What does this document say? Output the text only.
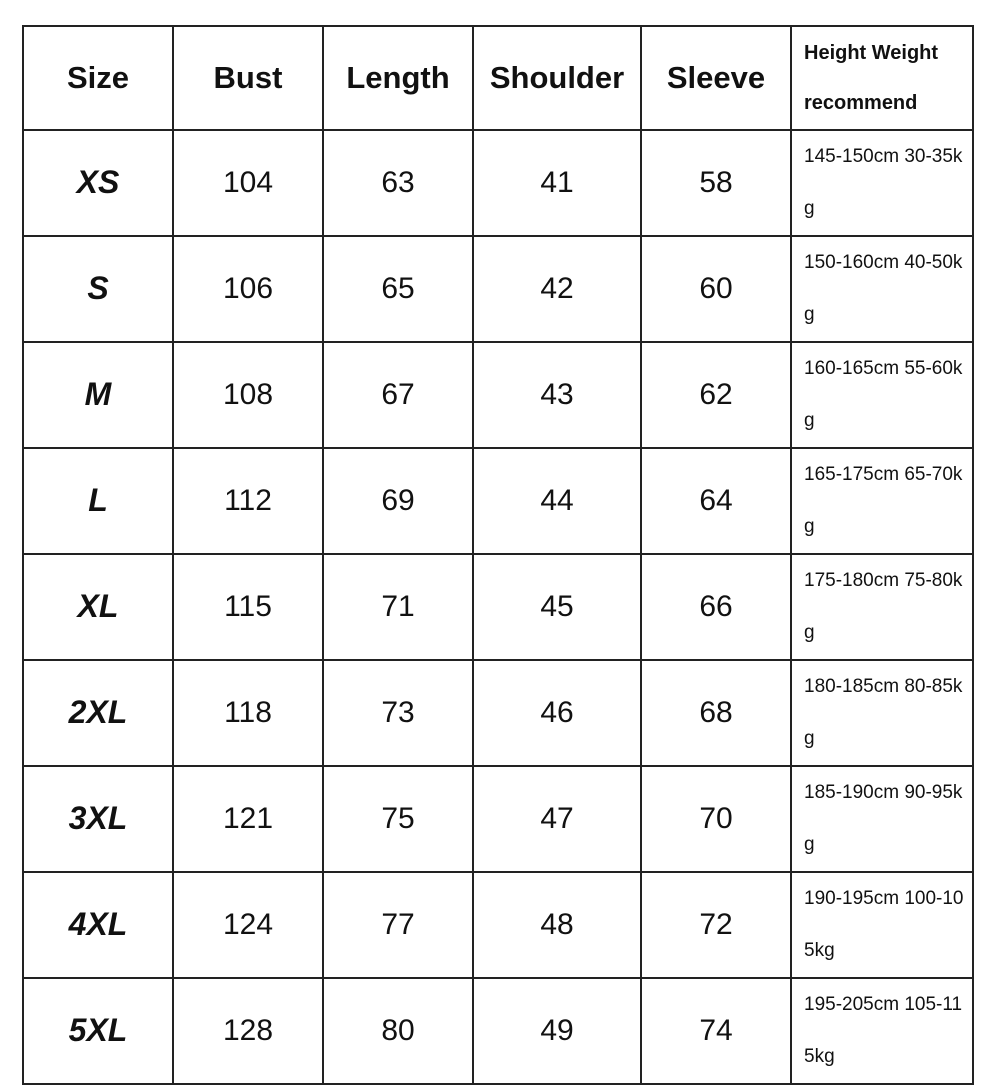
Size	Bust	Length	Shoulder	Sleeve	Height Weight recommend
XS	104	63	41	58	145-150cm 30-35kg
S	106	65	42	60	150-160cm 40-50kg
M	108	67	43	62	160-165cm 55-60kg
L	112	69	44	64	165-175cm 65-70kg
XL	115	71	45	66	175-180cm 75-80kg
2XL	118	73	46	68	180-185cm 80-85kg
3XL	121	75	47	70	185-190cm 90-95kg
4XL	124	77	48	72	190-195cm 100-105kg
5XL	128	80	49	74	195-205cm 105-115kg
